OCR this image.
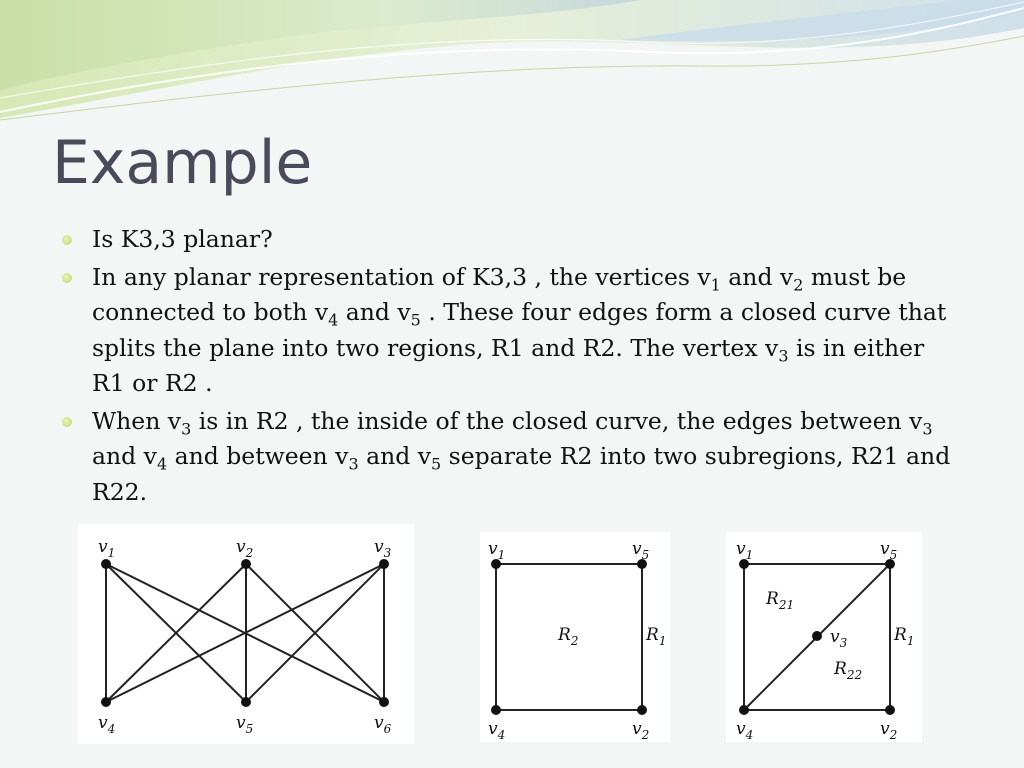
Example
Is K3,3 planar?
In any planar representation of K3,3 , the vertices $v_1$ and $v_2$ must be connected to both $v_4$ and $v_5$ . These four edges form a closed curve that splits the plane into two regions, R1 and R2. The vertex $v_3$ is in either R1 or R2 .
When $v_3$ is in R2 , the inside of the closed curve, the edges between $v_3$ and $v_4$ and between $v_3$ and $v_5$ separate R2 into two subregions, R21 and R22.
$v_1$	$v_2$	$v_3$
$v_4$	$v_5$	$v_6$
$v_1$	$v_5$
$v_4$	$v_2$
$R_2$	$R_1$
$v_1$	$v_5$
$v_4$	$v_2$
$v_3$
$R_{21}$
$R_{22}$
$R_1$
